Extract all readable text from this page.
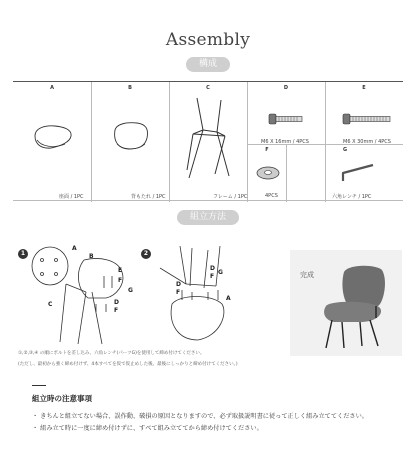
Assembly
構成
A
座面 / 1PC
B
背もたれ / 1PC
C
フレーム / 1PC
D
M6 X 16mm / 4PCS
E
M6 X 30mm / 4PCS
F
4PCS
G
六角レンチ / 1PC
組立方法
1	B
A
E
F
D
F
G
C
2
D
F
D
F
G
A
完成
①,②,③,④ の順にボルトを差し込み、六角レンチ(パーツG)を使用して締め付けてください。
(ただし、最初から強く締め付けず、4本すべてを仮で仮止めした後、最後にしっかりと締め付けてください。)
組立時の注意事項
・ きちんと組立てない場合、誤作動、破損の原因となりますので、必ず取扱説明書に従って正しく組み立ててください。
・ 組み立て時に一度に締め付けずに、すべて組み立ててから締め付けてください。
